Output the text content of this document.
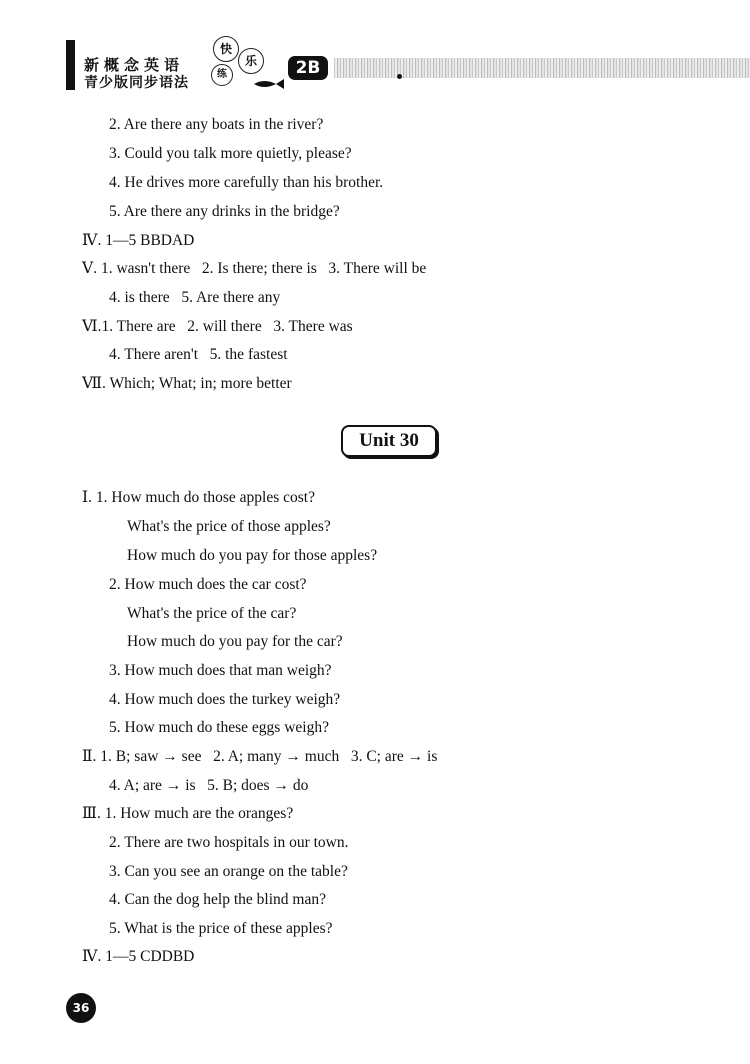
新概念英语
青少版同步语法
快
乐
练	2B
2. Are there any boats in the river?
3. Could you talk more quietly, please?
4. He drives more carefully than his brother.
5. Are there any drinks in the bridge?
Ⅳ. 1—5 BBDAD
Ⅴ. 1. wasn't there   2. Is there; there is   3. There will be
4. is there   5. Are there any
Ⅵ.1. There are   2. will there   3. There was
4. There aren't   5. the fastest
Ⅶ. Which; What; in; more better
Unit 30
Ⅰ. 1. How much do those apples cost?
What's the price of those apples?
How much do you pay for those apples?
2. How much does the car cost?
What's the price of the car?
How much do you pay for the car?
3. How much does that man weigh?
4. How much does the turkey weigh?
5. How much do these eggs weigh?
Ⅱ. 1. B; saw → see   2. A; many → much   3. C; are → is
4. A; are → is   5. B; does → do
Ⅲ. 1. How much are the oranges?
2. There are two hospitals in our town.
3. Can you see an orange on the table?
4. Can the dog help the blind man?
5. What is the price of these apples?
Ⅳ. 1—5 CDDBD
36
